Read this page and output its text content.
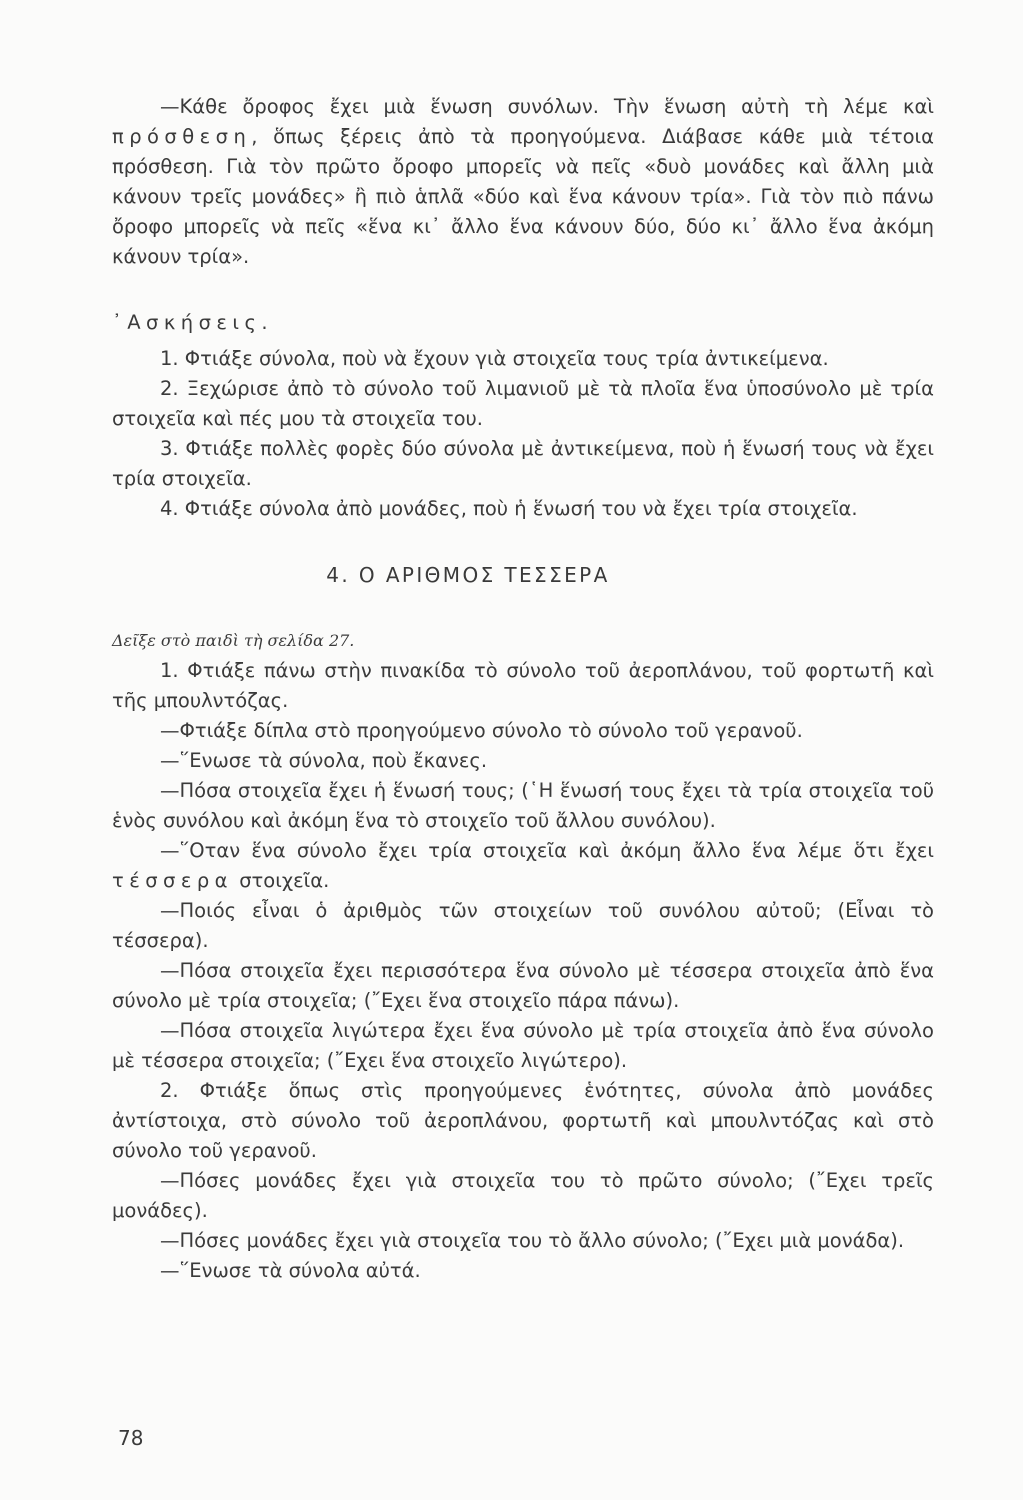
—Κάθε ὄροφος ἔχει μιὰ ἕνωση συνόλων. Τὴν ἕνωση αὐτὴ τὴ λέμε καὶ πρόσθεση, ὅπως ξέρεις ἀπὸ τὰ προηγούμενα. Διάβασε κάθε μιὰ τέτοια πρόσθεση. Γιὰ τὸν πρῶτο ὄροφο μπορεῖς νὰ πεῖς «δυὸ μονάδες καὶ ἄλλη μιὰ κάνουν τρεῖς μονάδες» ἢ πιὸ ἁπλᾶ «δύο καὶ ἕνα κάνουν τρία». Γιὰ τὸν πιὸ πάνω ὄροφο μπορεῖς νὰ πεῖς «ἕνα κι᾽ ἄλλο ἕνα κάνουν δύο, δύο κι᾽ ἄλλο ἕνα ἀκόμη κάνουν τρία».

᾽Ασκήσεις.

1. Φτιάξε σύνολα, ποὺ νὰ ἔχουν γιὰ στοιχεῖα τους τρία ἀντικείμενα.

2. Ξεχώρισε ἀπὸ τὸ σύνολο τοῦ λιμανιοῦ μὲ τὰ πλοῖα ἕνα ὑποσύνολο μὲ τρία στοιχεῖα καὶ πές μου τὰ στοιχεῖα του.

3. Φτιάξε πολλὲς φορὲς δύο σύνολα μὲ ἀντικείμενα, ποὺ ἡ ἕνωσή τους νὰ ἔχει τρία στοιχεῖα.

4. Φτιάξε σύνολα ἀπὸ μονάδες, ποὺ ἡ ἕνωσή του νὰ ἔχει τρία στοιχεῖα.

4. Ο ΑΡΙΘΜΟΣ ΤΕΣΣΕΡΑ

Δεῖξε στὸ παιδὶ τὴ σελίδα 27.

1. Φτιάξε πάνω στὴν πινακίδα τὸ σύνολο τοῦ ἀεροπλάνου, τοῦ φορτωτῆ καὶ τῆς μπουλντόζας.

—Φτιάξε δίπλα στὸ προηγούμενο σύνολο τὸ σύνολο τοῦ γερανοῦ.

—῞Ενωσε τὰ σύνολα, ποὺ ἔκανες.

—Πόσα στοιχεῖα ἔχει ἡ ἕνωσή τους; (῾Η ἕνωσή τους ἔχει τὰ τρία στοιχεῖα τοῦ ἑνὸς συνόλου καὶ ἀκόμη ἕνα τὸ στοιχεῖο τοῦ ἄλλου συνόλου).

—῞Οταν ἕνα σύνολο ἔχει τρία στοιχεῖα καὶ ἀκόμη ἄλλο ἕνα λέμε ὅτι ἔχει τέσσερα στοιχεῖα.

—Ποιός εἶναι ὁ ἀριθμὸς τῶν στοιχείων τοῦ συνόλου αὐτοῦ; (Εἶναι τὸ τέσσερα).

—Πόσα στοιχεῖα ἔχει περισσότερα ἕνα σύνολο μὲ τέσσερα στοιχεῖα ἀπὸ ἕνα σύνολο μὲ τρία στοιχεῖα; (῎Εχει ἕνα στοιχεῖο πάρα πάνω).

—Πόσα στοιχεῖα λιγώτερα ἔχει ἕνα σύνολο μὲ τρία στοιχεῖα ἀπὸ ἕνα σύνολο μὲ τέσσερα στοιχεῖα; (῎Εχει ἕνα στοιχεῖο λιγώτερο).

2. Φτιάξε ὅπως στὶς προηγούμενες ἑνότητες, σύνολα ἀπὸ μονάδες ἀντίστοιχα, στὸ σύνολο τοῦ ἀεροπλάνου, φορτωτῆ καὶ μπουλντόζας καὶ στὸ σύνολο τοῦ γερανοῦ.

—Πόσες μονάδες ἔχει γιὰ στοιχεῖα του τὸ πρῶτο σύνολο; (῎Εχει τρεῖς μονάδες).

—Πόσες μονάδες ἔχει γιὰ στοιχεῖα του τὸ ἄλλο σύνολο; (῎Εχει μιὰ μονάδα).

—῞Ενωσε τὰ σύνολα αὐτά.

78
